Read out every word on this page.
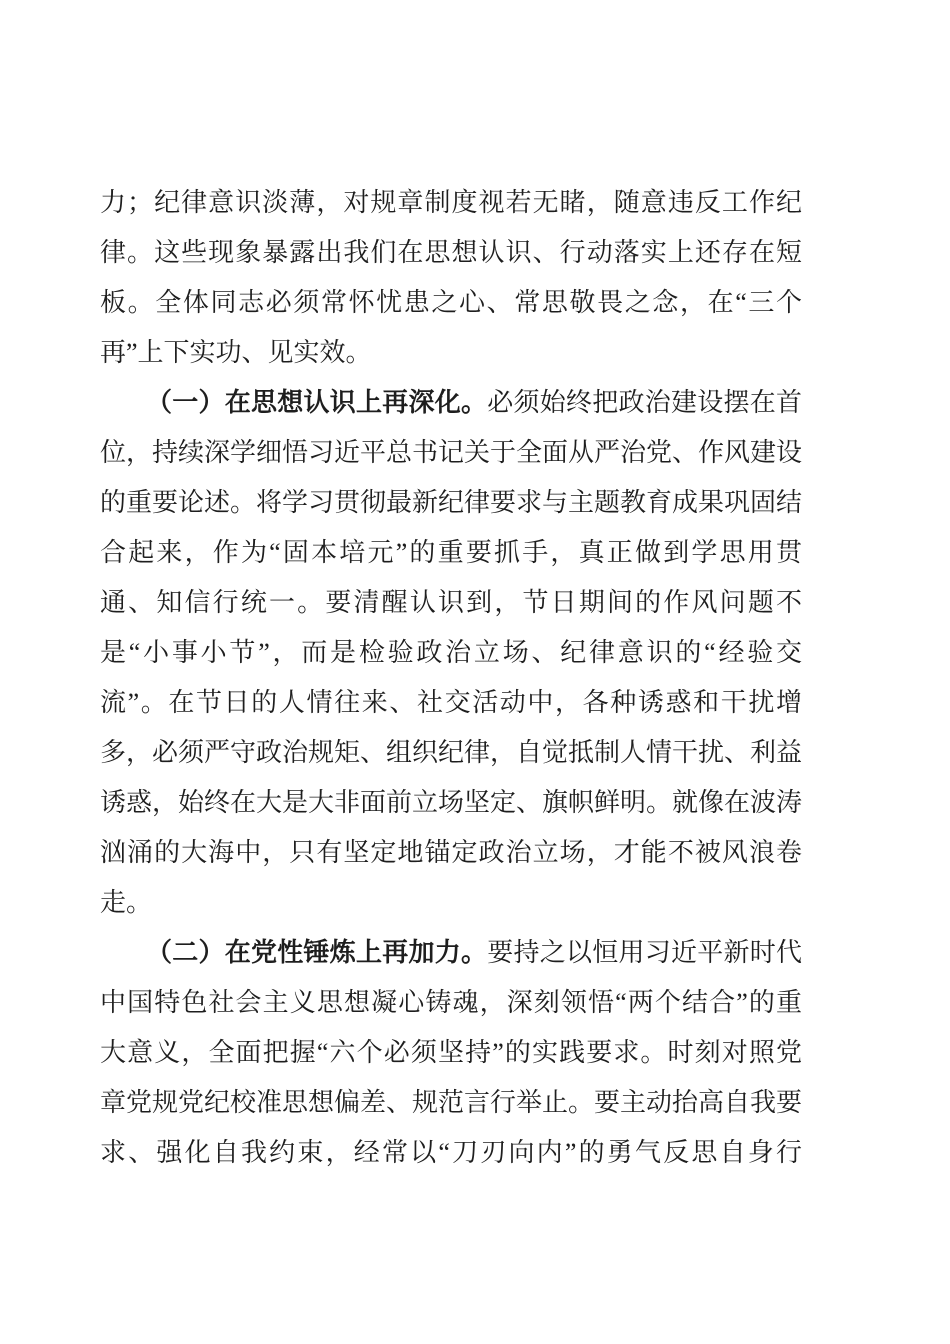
力；纪律意识淡薄，对规章制度视若无睹，随意违反工作纪
律。这些现象暴露出我们在思想认识、行动落实上还存在短
板。全体同志必须常怀忧患之心、常思敬畏之念，在“三个
再”上下实功、见实效。
（一）在思想认识上再深化。必须始终把政治建设摆在首
位，持续深学细悟习近平总书记关于全面从严治党、作风建设
的重要论述。将学习贯彻最新纪律要求与主题教育成果巩固结
合起来，作为“固本培元”的重要抓手，真正做到学思用贯
通、知信行统一。要清醒认识到，节日期间的作风问题不
是“小事小节”，而是检验政治立场、纪律意识的“经验交
流”。在节日的人情往来、社交活动中，各种诱惑和干扰增
多，必须严守政治规矩、组织纪律，自觉抵制人情干扰、利益
诱惑，始终在大是大非面前立场坚定、旗帜鲜明。就像在波涛
汹涌的大海中，只有坚定地锚定政治立场，才能不被风浪卷
走。
（二）在党性锤炼上再加力。要持之以恒用习近平新时代
中国特色社会主义思想凝心铸魂，深刻领悟“两个结合”的重
大意义，全面把握“六个必须坚持”的实践要求。时刻对照党
章党规党纪校准思想偏差、规范言行举止。要主动抬高自我要
求、强化自我约束，经常以“刀刃向内”的勇气反思自身行
